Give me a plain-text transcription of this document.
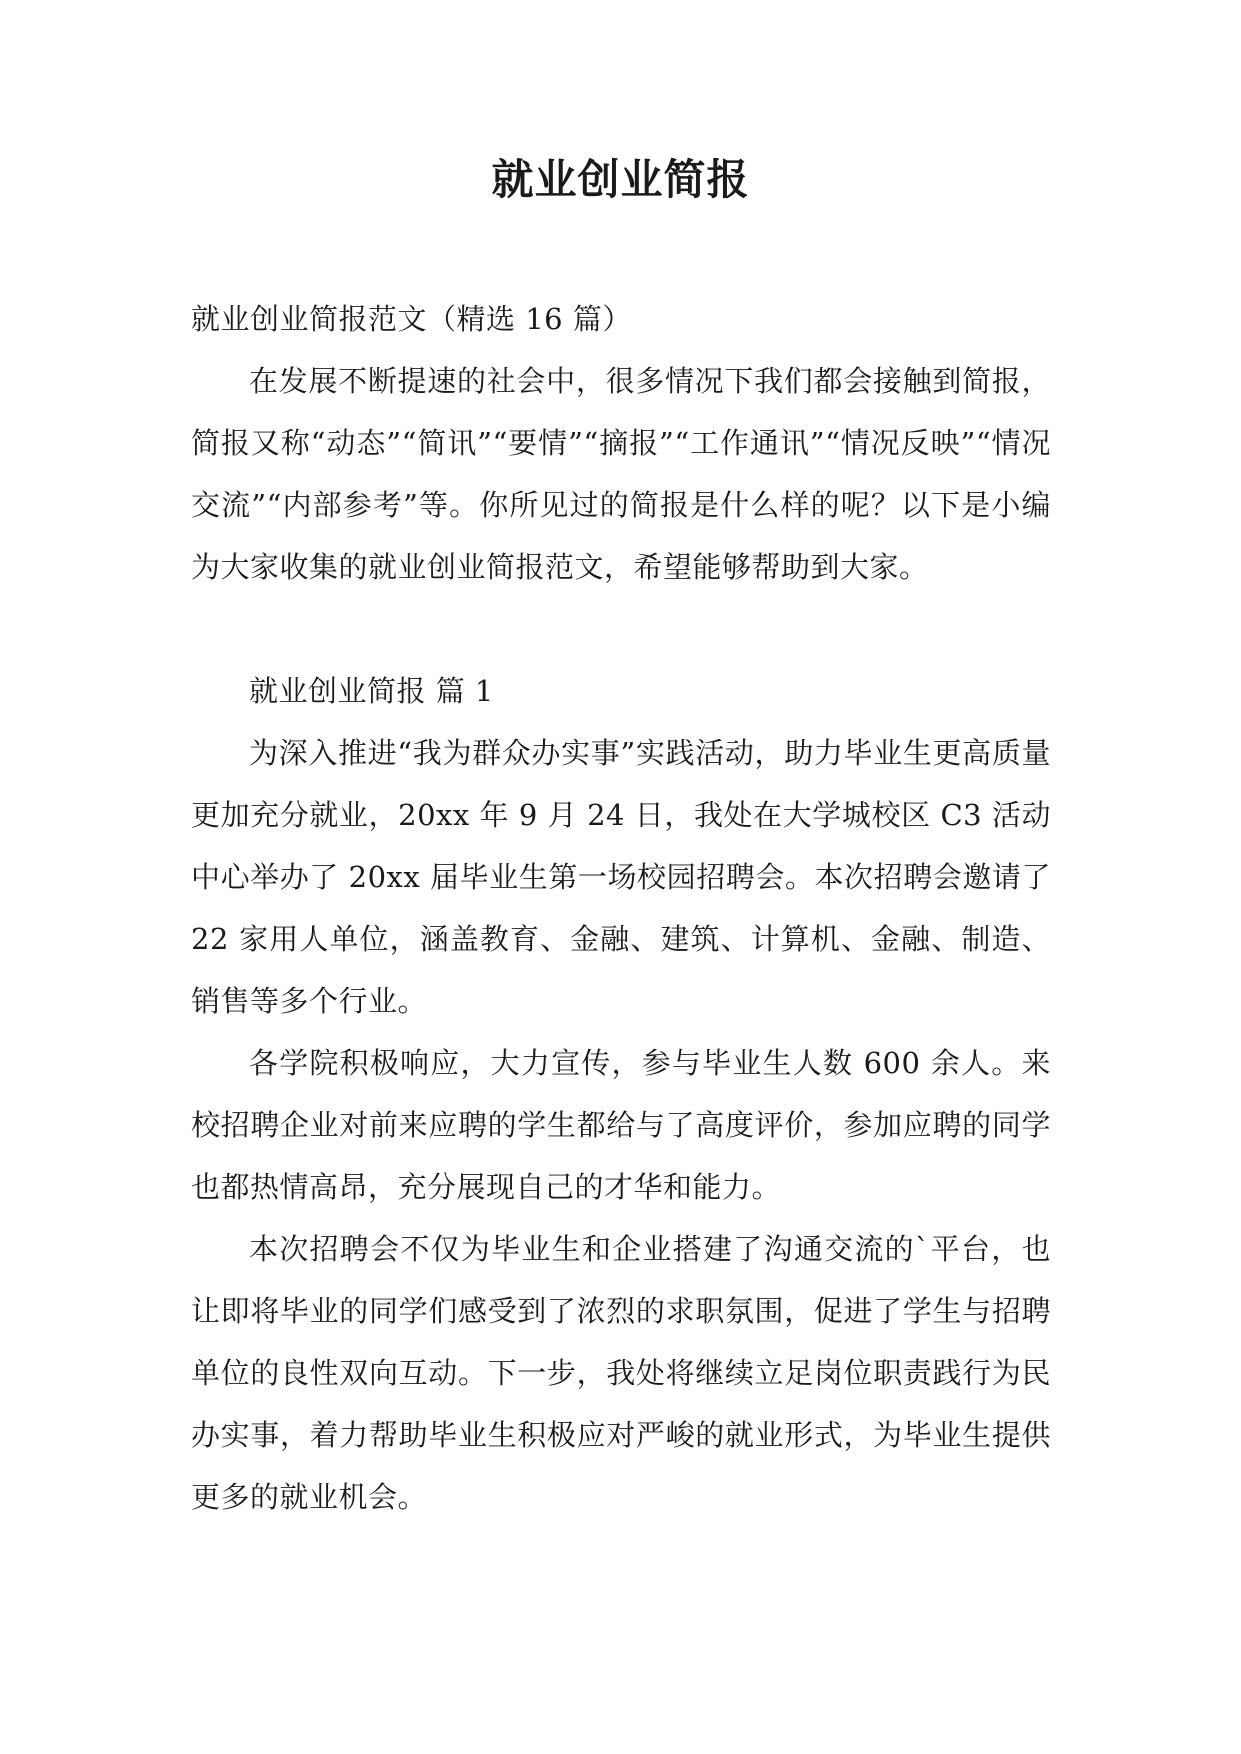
就业创业简报

就业创业简报范文（精选 16 篇）

在发展不断提速的社会中，很多情况下我们都会接触到简报，简报又称“动态”“简讯”“要情”“摘报”“工作通讯”“情况反映”“情况交流”“内部参考”等。你所见过的简报是什么样的呢？以下是小编为大家收集的就业创业简报范文，希望能够帮助到大家。

就业创业简报 篇 1

为深入推进“我为群众办实事”实践活动，助力毕业生更高质量更加充分就业，20xx 年 9 月 24 日，我处在大学城校区 C3 活动中心举办了 20xx 届毕业生第一场校园招聘会。本次招聘会邀请了 22 家用人单位，涵盖教育、金融、建筑、计算机、金融、制造、销售等多个行业。

各学院积极响应，大力宣传，参与毕业生人数 600 余人。来校招聘企业对前来应聘的学生都给与了高度评价，参加应聘的同学也都热情高昂，充分展现自己的才华和能力。

本次招聘会不仅为毕业生和企业搭建了沟通交流的`平台，也让即将毕业的同学们感受到了浓烈的求职氛围，促进了学生与招聘单位的良性双向互动。下一步，我处将继续立足岗位职责践行为民办实事，着力帮助毕业生积极应对严峻的就业形式，为毕业生提供更多的就业机会。
